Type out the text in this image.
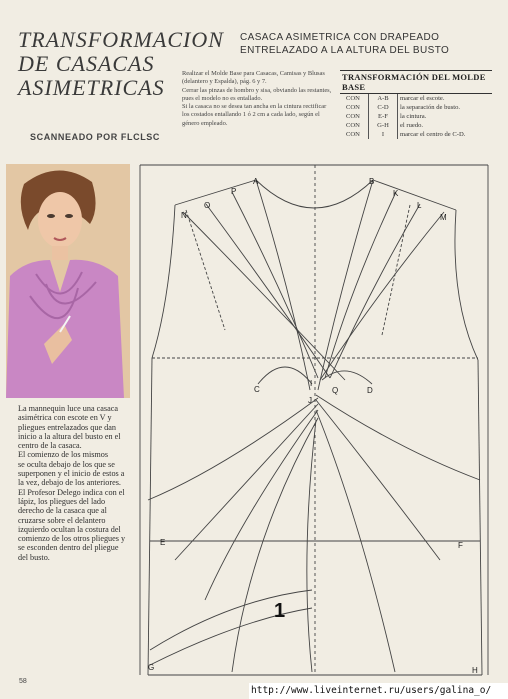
TRANSFORMACION
DE CASACAS
ASIMETRICAS
SCANNEADO POR FLCLSC
CASACA ASIMETRICA CON DRAPEADO ENTRELAZADO A LA ALTURA DEL BUSTO

Realizar el Molde Base para Casacas, Camisas y Blusas (delantero y Espalda), pág. 6 y 7.

Cerrar las pinzas de hombro y sisa, obviando las restantes, pues el modelo no es entallado.

Si la casaca no se desea tan ancha en la cintura rectificar los costados entallando 1 ó 2 cm a cada lado, según el género empleado.

TRANSFORMACIÓN DEL MOLDE BASE
CON	A-B	marcar el escote.
CON	C-D	la separación de busto.
CON	E-F	la cintura.
CON	G-H	el ruedo.
CON	I	marcar el centro de C-D.

La mannequin luce una casaca asimétrica con escote en V y pliegues entrelazados que dan inicio a la altura del busto en el centro de la casaca.

El comienzo de los mismos

se oculta debajo de los que se superponen y el inicio de estos a la vez, debajo de los anteriores. El Profesor Delego indica con el lápiz, los pliegues del lado derecho de la casaca que al cruzarse sobre el delantero izquierdo ocultan la costura del comienzo de los otros pliegues y se esconden dentro del pliegue del busto.

A	B
N
O
P	K
L
M
C
I
J
Q	D
E	F
G	H
1
58
http://www.liveinternet.ru/users/galina_o/
